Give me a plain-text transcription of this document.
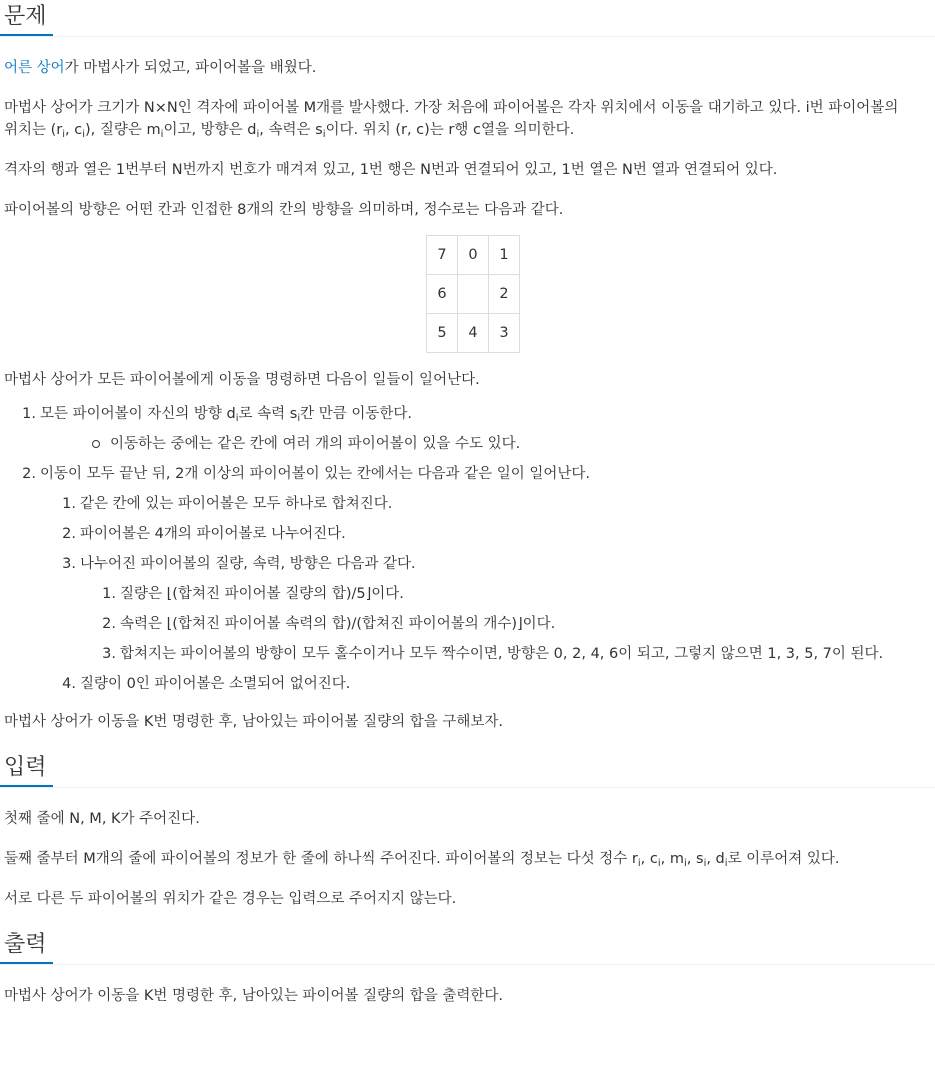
문제

어른 상어가 마법사가 되었고, 파이어볼을 배웠다.

마법사 상어가 크기가 N×N인 격자에 파이어볼 M개를 발사했다. 가장 처음에 파이어볼은 각자 위치에서 이동을 대기하고 있다. i번 파이어볼의
위치는 ($r_i$, $c_i$), 질량은 $m_i$이고, 방향은 $d_i$, 속력은 $s_i$이다. 위치 (r, c)는 r행 c열을 의미한다.

격자의 행과 열은 1번부터 N번까지 번호가 매겨져 있고, 1번 행은 N번과 연결되어 있고, 1번 열은 N번 열과 연결되어 있다.

파이어볼의 방향은 어떤 칸과 인접한 8개의 칸의 방향을 의미하며, 정수로는 다음과 같다.

7	0	1
6		2
5	4	3

마법사 상어가 모든 파이어볼에게 이동을 명령하면 다음이 일들이 일어난다.

1. 모든 파이어볼이 자신의 방향 $d_i$로 속력 $s_i$칸 만큼 이동한다.
이동하는 중에는 같은 칸에 여러 개의 파이어볼이 있을 수도 있다.
2. 이동이 모두 끝난 뒤, 2개 이상의 파이어볼이 있는 칸에서는 다음과 같은 일이 일어난다.
1. 같은 칸에 있는 파이어볼은 모두 하나로 합쳐진다.
2. 파이어볼은 4개의 파이어볼로 나누어진다.
3. 나누어진 파이어볼의 질량, 속력, 방향은 다음과 같다.
1. 질량은 ⌊(합쳐진 파이어볼 질량의 합)/5⌋이다.
2. 속력은 ⌊(합쳐진 파이어볼 속력의 합)/(합쳐진 파이어볼의 개수)⌋이다.
3. 합쳐지는 파이어볼의 방향이 모두 홀수이거나 모두 짝수이면, 방향은 0, 2, 4, 6이 되고, 그렇지 않으면 1, 3, 5, 7이 된다.
4. 질량이 0인 파이어볼은 소멸되어 없어진다.

마법사 상어가 이동을 K번 명령한 후, 남아있는 파이어볼 질량의 합을 구해보자.

입력

첫째 줄에 N, M, K가 주어진다.

둘째 줄부터 M개의 줄에 파이어볼의 정보가 한 줄에 하나씩 주어진다. 파이어볼의 정보는 다섯 정수 $r_i$, $c_i$, $m_i$, $s_i$, $d_i$로 이루어져 있다.

서로 다른 두 파이어볼의 위치가 같은 경우는 입력으로 주어지지 않는다.

출력

마법사 상어가 이동을 K번 명령한 후, 남아있는 파이어볼 질량의 합을 출력한다.
